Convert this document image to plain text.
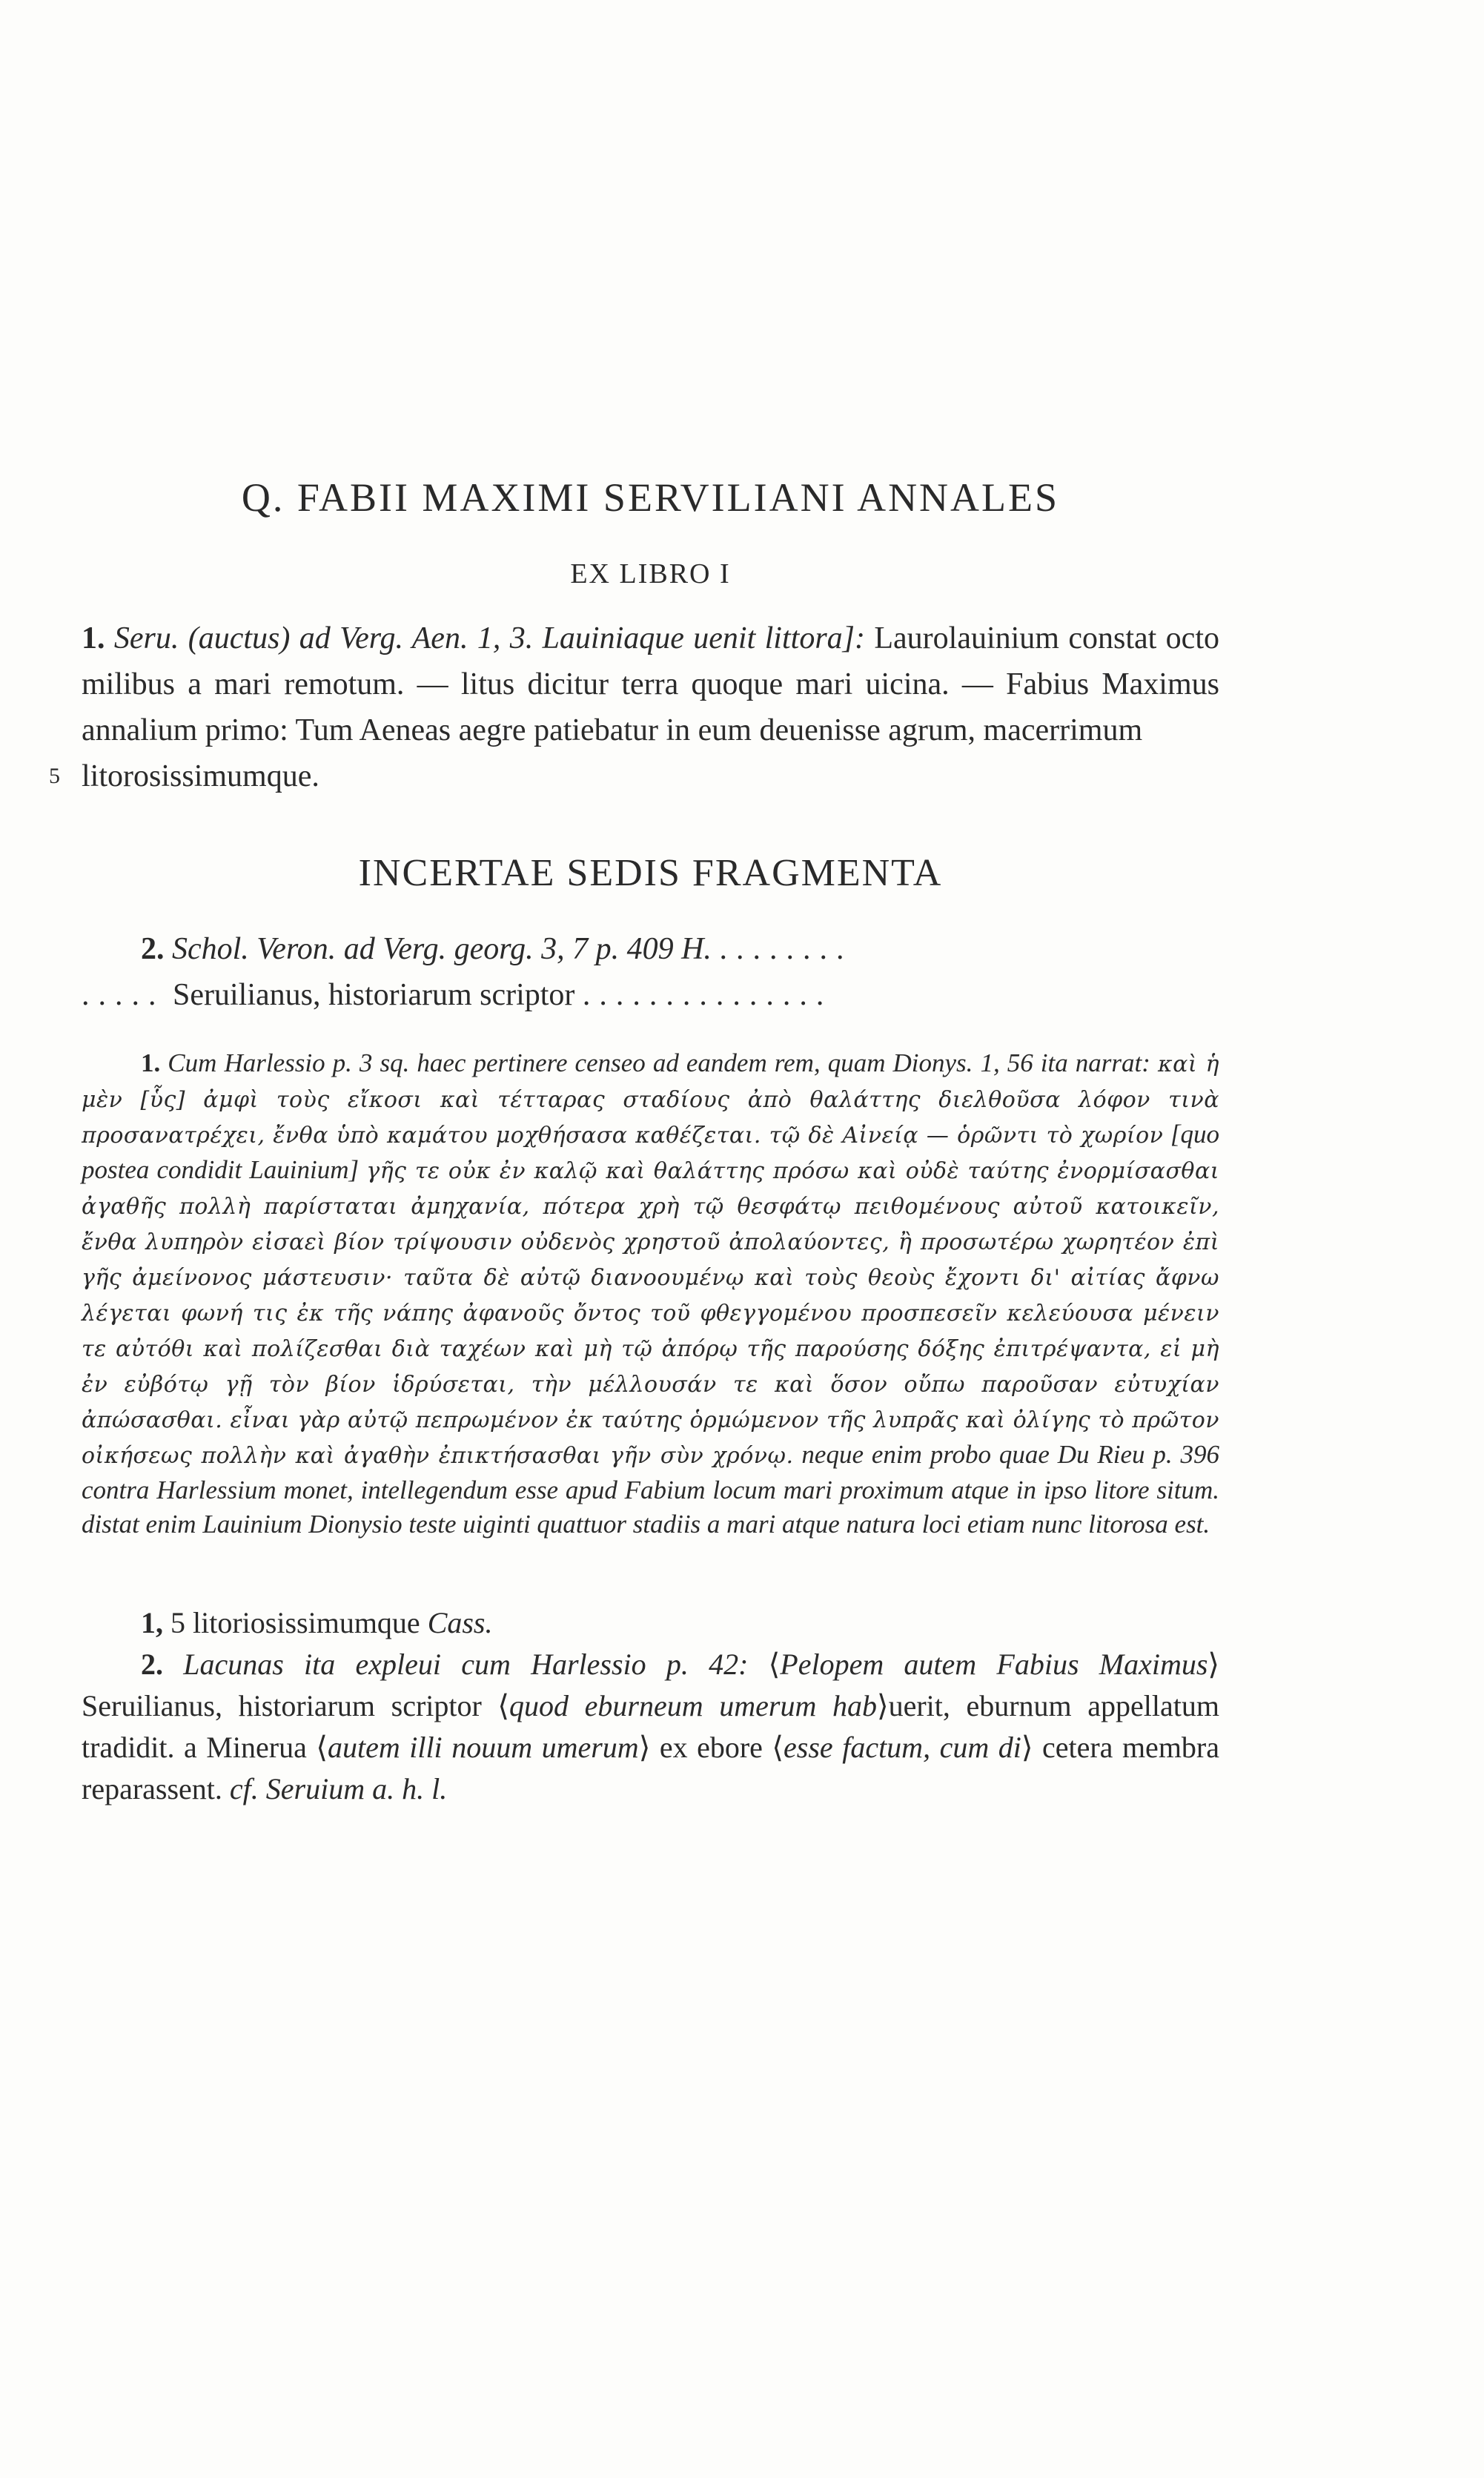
Q. FABII MAXIMI SERVILIANI ANNALES
EX LIBRO I

1. Seru. (auctus) ad Verg. Aen. 1, 3. Lauiniaque uenit littora]: Laurolauinium constat octo milibus a mari remotum. — litus dicitur terra quoque mari uicina. — Fabius Maximus annalium primo: Tum Aeneas aegre patiebatur in eum deuenisse agrum, macerrimum

5 litorosissimumque.

INCERTAE SEDIS FRAGMENTA

2. Schol. Veron. ad Verg. georg. 3, 7 p. 409 H. ........
..... Seruilianus, historiarum scriptor ...............

1. Cum Harlessio p. 3 sq. haec pertinere censeo ad eandem rem, quam Dionys. 1, 56 ita narrat: καὶ ἡ μὲν [ὗς] ἀμφὶ τοὺς εἴκοσι καὶ τέτταρας σταδίους ἀπὸ θαλάττης διελθοῦσα λόφον τινὰ προσανατρέχει, ἔνθα ὑπὸ καμάτου μοχθήσασα καθέζεται. τῷ δὲ Αἰνείᾳ — ὁρῶντι τὸ χωρίον [quo postea condidit Lauinium] γῆς τε οὐκ ἐν καλῷ καὶ θαλάττης πρόσω καὶ οὐδὲ ταύτης ἐνορμίσασθαι ἀγαθῆς πολλὴ παρίσταται ἀμηχανία, πότερα χρὴ τῷ θεσφάτῳ πειθομένους αὐτοῦ κατοικεῖν, ἔνθα λυπηρὸν εἰσαεὶ βίον τρίψουσιν οὐδενὸς χρηστοῦ ἀπολαύοντες, ἢ προσωτέρω χωρητέον ἐπὶ γῆς ἀμείνονος μάστευσιν· ταῦτα δὲ αὐτῷ διανοουμένῳ καὶ τοὺς θεοὺς ἔχοντι δι' αἰτίας ἄφνω λέγεται φωνή τις ἐκ τῆς νάπης ἀφανοῦς ὄντος τοῦ φθεγγομένου προσπεσεῖν κελεύουσα μένειν τε αὐτόθι καὶ πολίζεσθαι διὰ ταχέων καὶ μὴ τῷ ἀπόρῳ τῆς παρούσης δόξης ἐπιτρέψαντα, εἰ μὴ ἐν εὐβότῳ γῇ τὸν βίον ἱδρύσεται, τὴν μέλλουσάν τε καὶ ὅσον οὔπω παροῦσαν εὐτυχίαν ἀπώσασθαι. εἶναι γὰρ αὐτῷ πεπρωμένον ἐκ ταύτης ὁρμώμενον τῆς λυπρᾶς καὶ ὀλίγης τὸ πρῶτον οἰκήσεως πολλὴν καὶ ἀγαθὴν ἐπικτήσασθαι γῆν σὺν χρόνῳ. neque enim probo quae Du Rieu p. 396 contra Harlessium monet, intellegendum esse apud Fabium locum mari proximum atque in ipso litore situm. distat enim Lauinium Dionysio teste uiginti quattuor stadiis a mari atque natura loci etiam nunc litorosa est.

1, 5 litoriosissimumque Cass.

2. Lacunas ita expleui cum Harlessio p. 42: ⟨Pelopem autem Fabius Maximus⟩ Seruilianus, historiarum scriptor ⟨quod eburneum umerum hab⟩uerit, eburnum appellatum tradidit. a Minerua ⟨autem illi nouum umerum⟩ ex ebore ⟨esse factum, cum di⟩ cetera membra reparassent. cf. Seruium a. h. l.
